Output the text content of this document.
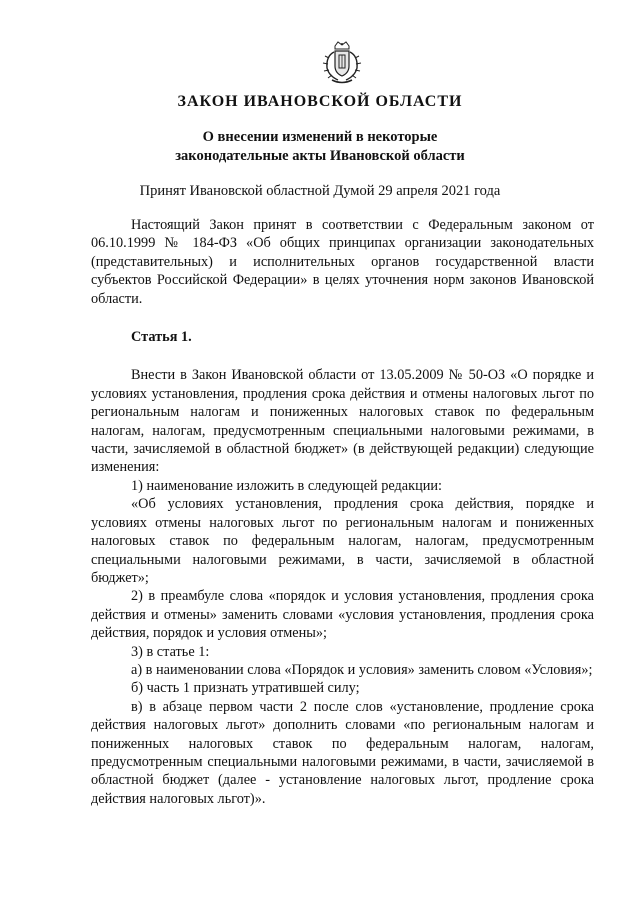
ЗАКОН ИВАНОВСКОЙ ОБЛАСТИ
О внесении изменений в некоторые
законодательные акты Ивановской области

Принят Ивановской областной Думой 29 апреля 2021 года

Настоящий Закон принят в соответствии с Федеральным законом от 06.10.1999 № 184-ФЗ «Об общих принципах организации законодательных (представительных) и исполнительных органов государственной власти субъектов Российской Федерации» в целях уточнения норм законов Ивановской области.

Статья 1.

Внести в Закон Ивановской области от 13.05.2009 № 50-ОЗ «О порядке и условиях установления, продления срока действия и отмены налоговых льгот по региональным налогам и пониженных налоговых ставок по федеральным налогам, налогам, предусмотренным специальными налоговыми режимами, в части, зачисляемой в областной бюджет» (в действующей редакции) следующие изменения:

1) наименование изложить в следующей редакции:

«Об условиях установления, продления срока действия, порядке и условиях отмены налоговых льгот по региональным налогам и пониженных налоговых ставок по федеральным налогам, налогам, предусмотренным специальными налоговыми режимами, в части, зачисляемой в областной бюджет»;

2) в преамбуле слова «порядок и условия установления, продления срока действия и отмены» заменить словами «условия установления, продления срока действия, порядок и условия отмены»;

3) в статье 1:

а) в наименовании слова «Порядок и условия» заменить словом «Условия»;

б) часть 1 признать утратившей силу;

в) в абзаце первом части 2 после слов «установление, продление срока действия налоговых льгот» дополнить словами «по региональным налогам и пониженных налоговых ставок по федеральным налогам, налогам, предусмотренным специальными налоговыми режимами, в части, зачисляемой в областной бюджет (далее - установление налоговых льгот, продление срока действия налоговых льгот)».
